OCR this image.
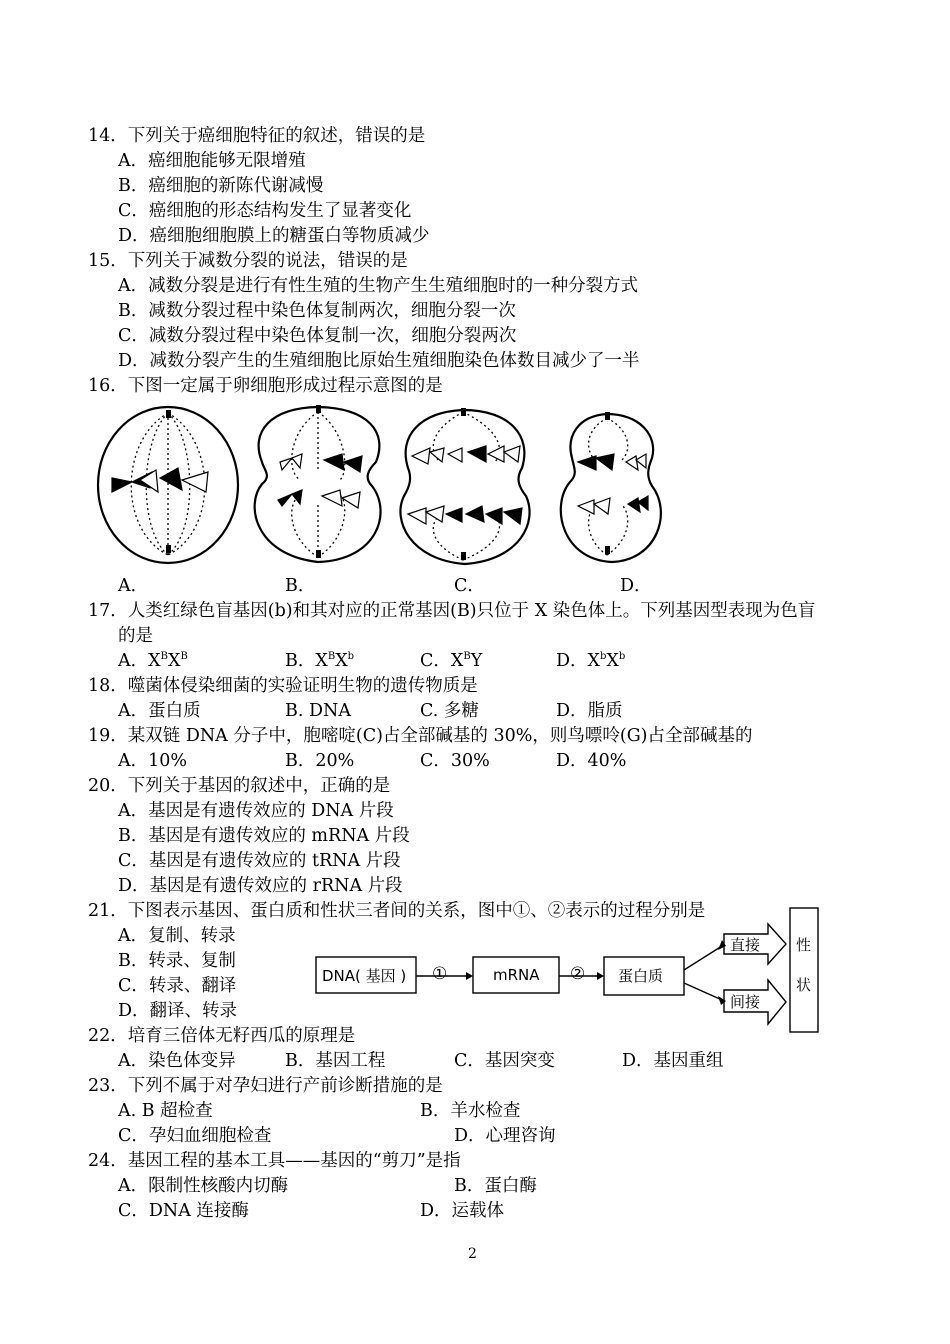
14．下列关于癌细胞特征的叙述，错误的是
A．癌细胞能够无限增殖
B．癌细胞的新陈代谢减慢
C．癌细胞的形态结构发生了显著变化
D．癌细胞细胞膜上的糖蛋白等物质减少
15．下列关于减数分裂的说法，错误的是
A．减数分裂是进行有性生殖的生物产生生殖细胞时的一种分裂方式
B．减数分裂过程中染色体复制两次，细胞分裂一次
C．减数分裂过程中染色体复制一次，细胞分裂两次
D．减数分裂产生的生殖细胞比原始生殖细胞染色体数目减少了一半
16．下图一定属于卵细胞形成过程示意图的是
A．	B．	C．	D．
17．人类红绿色盲基因(b)和其对应的正常基因(B)只位于 X 染色体上。下列基因型表现为色盲
的是
A．$X^BX^B$	B．$X^BX^b$	C．$X^BY$	D．$X^bX^b$
18．噬菌体侵染细菌的实验证明生物的遗传物质是
A．蛋白质	B. DNA	C. 多糖	D．脂质
19．某双链 DNA 分子中，胞嘧啶(C)占全部碱基的 30%，则鸟嘌呤(G)占全部碱基的
A．10%	B．20%	C．30%	D．40%
20．下列关于基因的叙述中，正确的是
A．基因是有遗传效应的 DNA 片段
B．基因是有遗传效应的 mRNA 片段
C．基因是有遗传效应的 tRNA 片段
D．基因是有遗传效应的 rRNA 片段
21．下图表示基因、蛋白质和性状三者间的关系，图中①、②表示的过程分别是
A．复制、转录
B．转录、复制
C．转录、翻译
D．翻译、转录
DNA( 基因 ) ①	mRNA ② 蛋白质
直接
间接
性
状
22．培育三倍体无籽西瓜的原理是
A．染色体变异	B．基因工程	C．基因突变	D．基因重组
23．下列不属于对孕妇进行产前诊断措施的是
A. B 超检查	B．羊水检查
C．孕妇血细胞检查	D．心理咨询
24．基因工程的基本工具——基因的“剪刀”是指
A．限制性核酸内切酶	B．蛋白酶
C．DNA 连接酶	D．运载体
2
